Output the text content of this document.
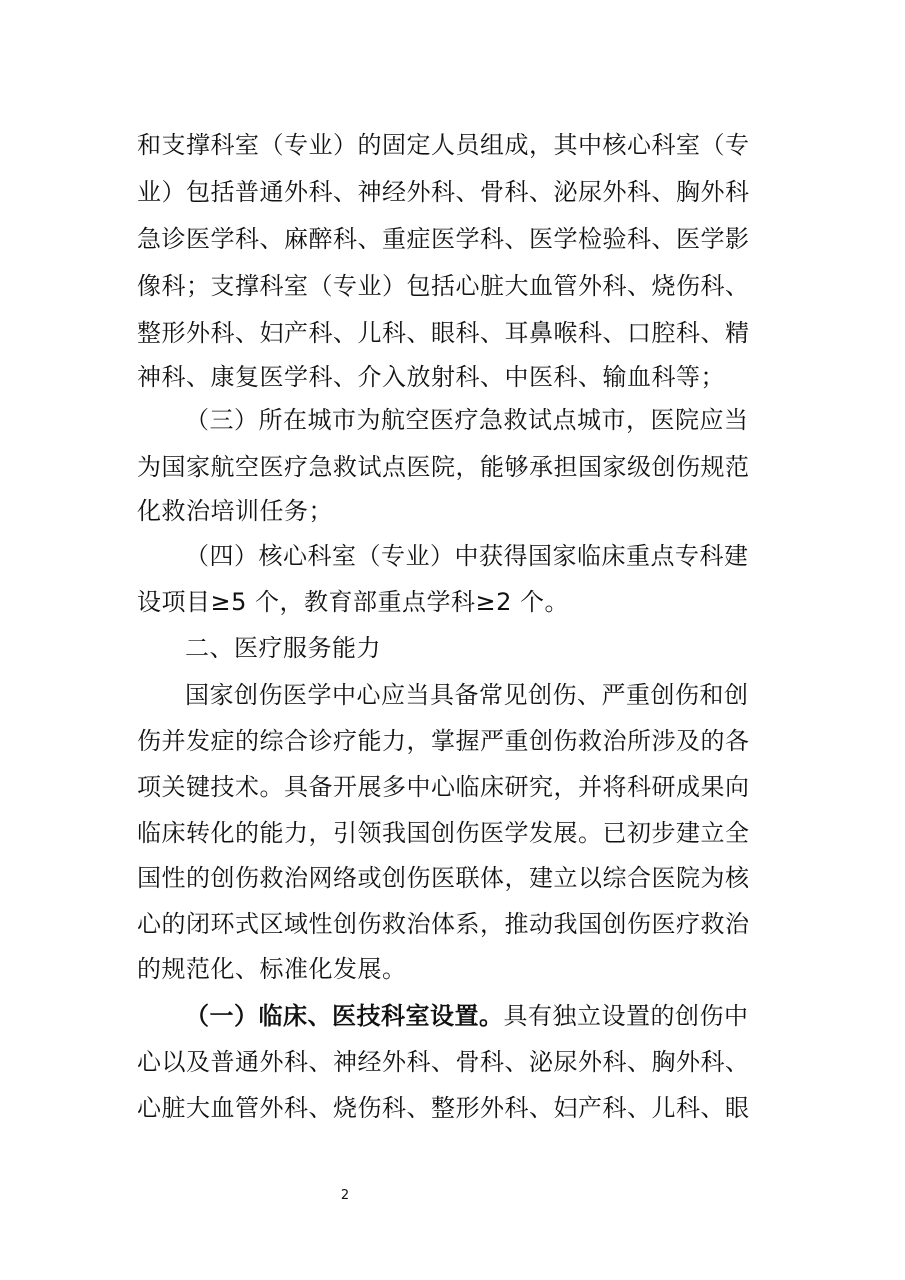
和支撑科室（专业）的固定人员组成，其中核心科室（专
业）包括普通外科、神经外科、骨科、泌尿外科、胸外科
急诊医学科、麻醉科、重症医学科、医学检验科、医学影
像科；支撑科室（专业）包括心脏大血管外科、烧伤科、
整形外科、妇产科、儿科、眼科、耳鼻喉科、口腔科、精
神科、康复医学科、介入放射科、中医科、输血科等；
（三）所在城市为航空医疗急救试点城市，医院应当
为国家航空医疗急救试点医院，能够承担国家级创伤规范
化救治培训任务；
（四）核心科室（专业）中获得国家临床重点专科建
设项目≥5 个，教育部重点学科≥2 个。
二、医疗服务能力
国家创伤医学中心应当具备常见创伤、严重创伤和创
伤并发症的综合诊疗能力，掌握严重创伤救治所涉及的各
项关键技术。具备开展多中心临床研究，并将科研成果向
临床转化的能力，引领我国创伤医学发展。已初步建立全
国性的创伤救治网络或创伤医联体，建立以综合医院为核
心的闭环式区域性创伤救治体系，推动我国创伤医疗救治
的规范化、标准化发展。
（一）临床、医技科室设置。具有独立设置的创伤中
心以及普通外科、神经外科、骨科、泌尿外科、胸外科、
心脏大血管外科、烧伤科、整形外科、妇产科、儿科、眼
2
